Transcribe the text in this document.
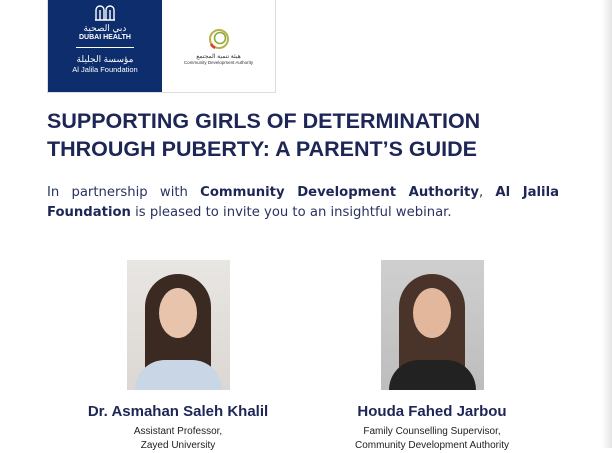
دبي الصحية
DUBAI HEALTH
مؤسسة الجليلة
Al Jalila Foundation
هيئة تنمية المجتمع
Community Development Authority
SUPPORTING GIRLS OF DETERMINATION
THROUGH PUBERTY: A PARENT’S GUIDE
In partnership with Community Development Authority, Al Jalila Foundation is pleased to invite you to an insightful webinar.
Dr. Asmahan Saleh Khalil
Assistant Professor,
Zayed University
Houda Fahed Jarbou
Family Counselling Supervisor,
Community Development Authority
